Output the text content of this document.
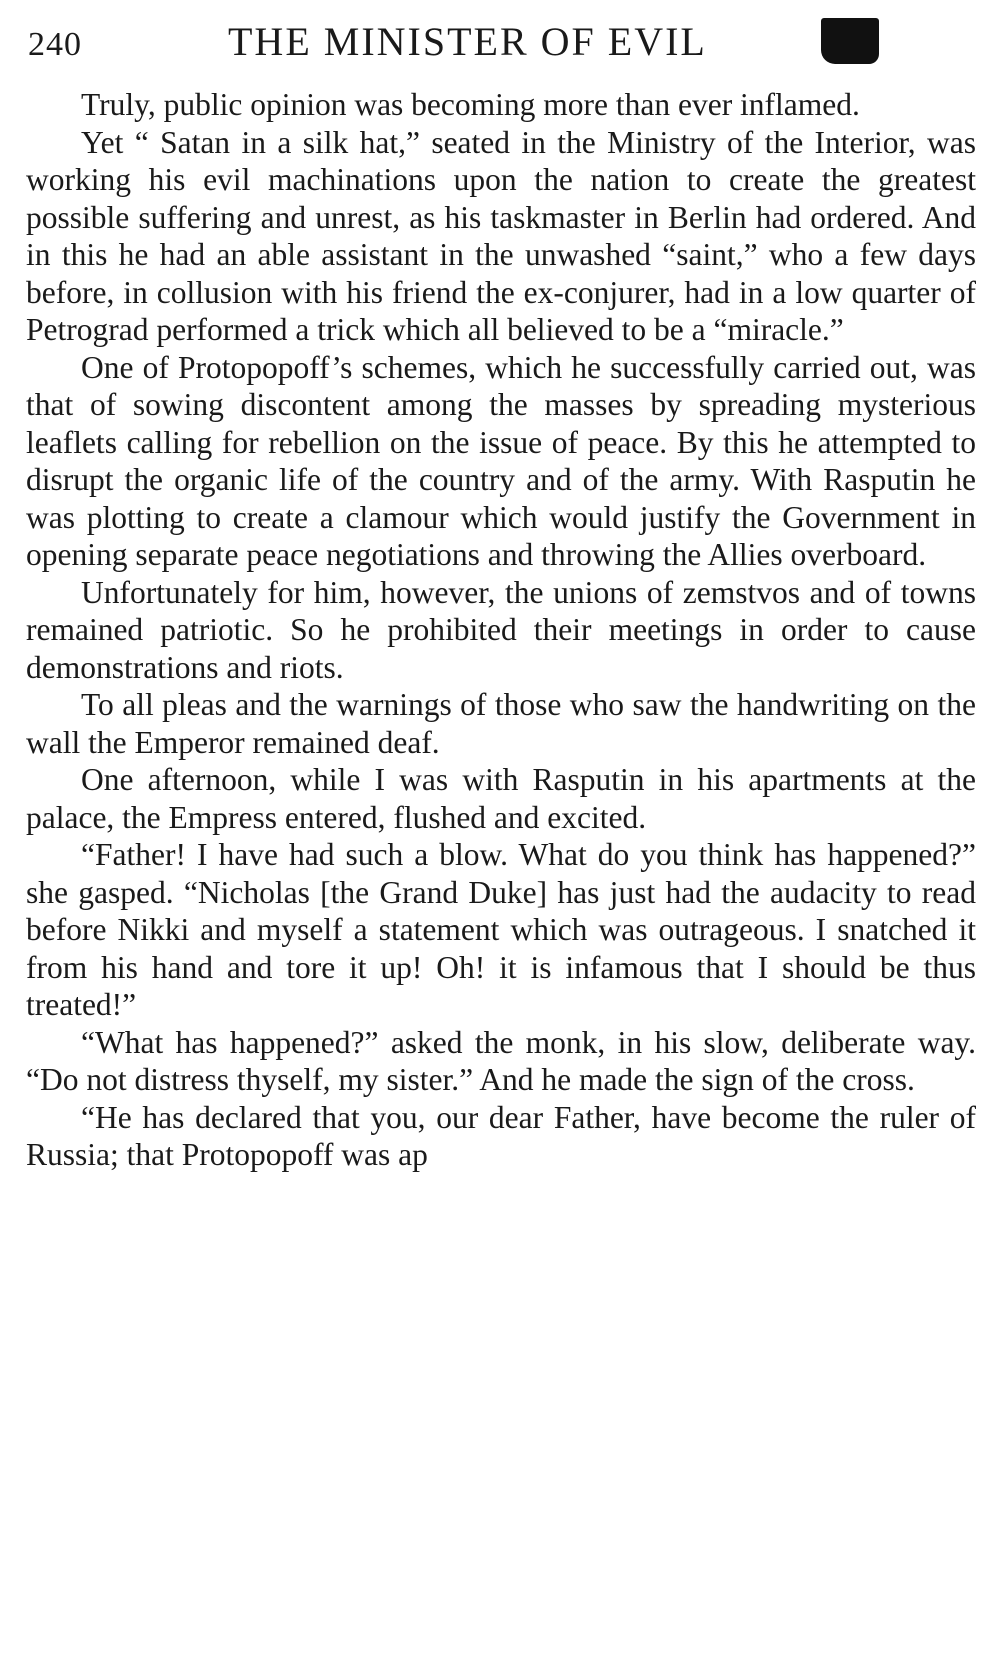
240	THE MINISTER OF EVIL

Truly, public opinion was becoming more than ever inflamed.

Yet “ Satan in a silk hat,” seated in the Ministry of the Interior, was working his evil machinations upon the nation to create the greatest possible suffering and unrest, as his taskmaster in Berlin had ordered. And in this he had an able assistant in the unwashed “saint,” who a few days before, in collusion with his friend the ex-conjurer, had in a low quarter of Petrograd performed a trick which all believed to be a “miracle.”

One of Protopopoff’s schemes, which he successfully carried out, was that of sowing discontent among the masses by spreading mysterious leaflets calling for rebellion on the issue of peace. By this he attempted to disrupt the organic life of the country and of the army. With Rasputin he was plotting to create a clamour which would justify the Government in opening separate peace negotiations and throwing the Allies overboard.

Unfortunately for him, however, the unions of zemstvos and of towns remained patriotic. So he prohibited their meetings in order to cause demonstrations and riots.

To all pleas and the warnings of those who saw the handwriting on the wall the Emperor remained deaf.

One afternoon, while I was with Rasputin in his apartments at the palace, the Empress entered, flushed and excited.

“Father! I have had such a blow. What do you think has happened?” she gasped. “Nicholas [the Grand Duke] has just had the audacity to read before Nikki and myself a statement which was outrageous. I snatched it from his hand and tore it up! Oh! it is infamous that I should be thus treated!”

“What has happened?” asked the monk, in his slow, deliberate way. “Do not distress thyself, my sister.” And he made the sign of the cross.

“He has declared that you, our dear Father, have become the ruler of Russia; that Protopopoff was ap
